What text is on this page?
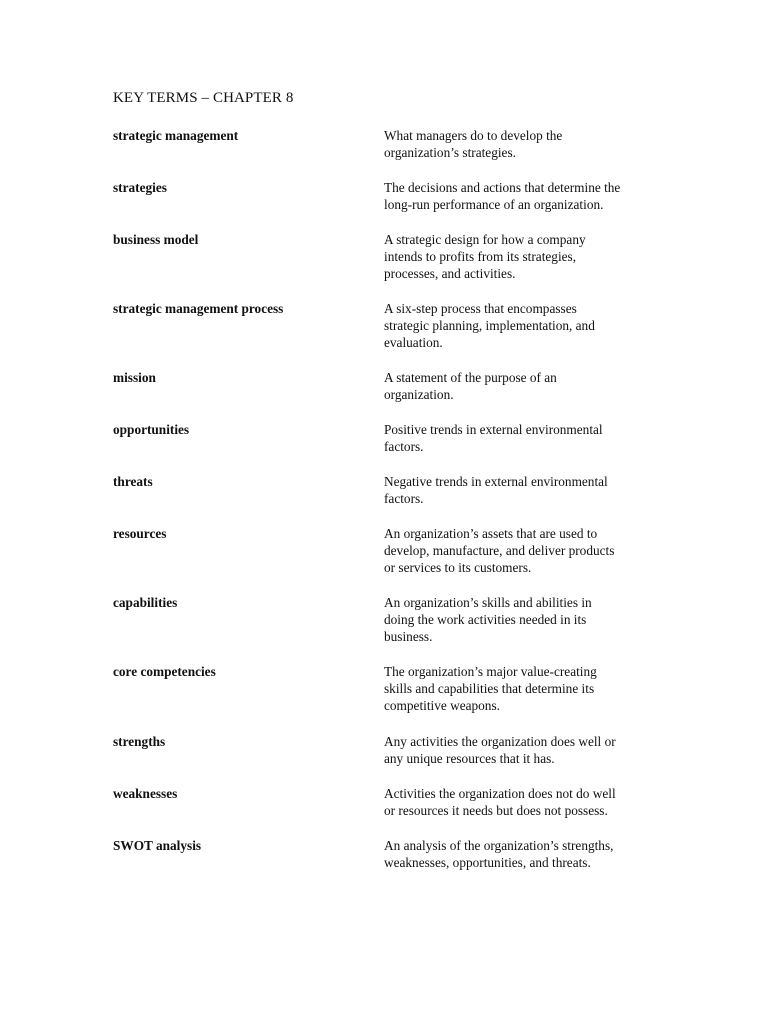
KEY TERMS – CHAPTER 8
strategic management	What managers do to develop the
organization’s strategies.
strategies	The decisions and actions that determine the
long-run performance of an organization.
business model	A strategic design for how a company
intends to profits from its strategies,
processes, and activities.
strategic management process	A six-step process that encompasses
strategic planning, implementation, and
evaluation.
mission	A statement of the purpose of an
organization.
opportunities	Positive trends in external environmental
factors.
threats	Negative trends in external environmental
factors.
resources	An organization’s assets that are used to
develop, manufacture, and deliver products
or services to its customers.
capabilities	An organization’s skills and abilities in
doing the work activities needed in its
business.
core competencies	The organization’s major value-creating
skills and capabilities that determine its
competitive weapons.
strengths	Any activities the organization does well or
any unique resources that it has.
weaknesses	Activities the organization does not do well
or resources it needs but does not possess.
SWOT analysis	An analysis of the organization’s strengths,
weaknesses, opportunities, and threats.
